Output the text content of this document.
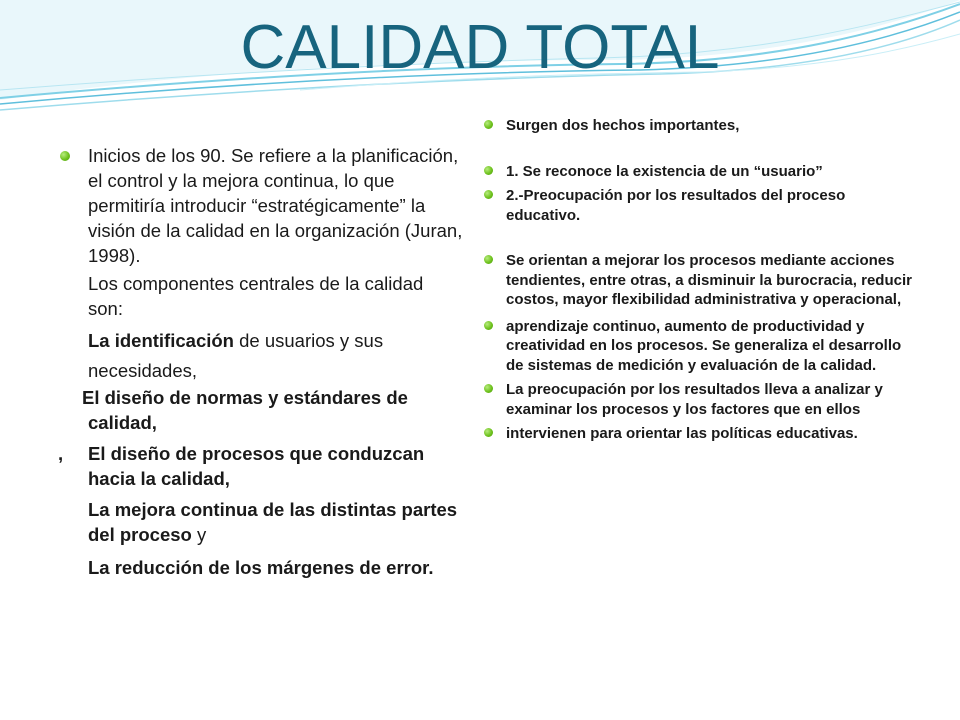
CALIDAD TOTAL
Inicios de los 90. Se refiere a la planificación, el control y la mejora continua, lo que permitiría introducir “estratégicamente” la visión de la calidad en la organización (Juran, 1998).
Los componentes centrales de la calidad son:
La identificación de usuarios y sus
necesidades,
El diseño de normas y estándares de calidad,
, El diseño de procesos que conduzcan hacia la calidad,
La mejora continua de las distintas partes del proceso y
La reducción de los márgenes de error.
Surgen dos hechos importantes,
1. Se reconoce la existencia de un “usuario”
2.-Preocupación por los resultados del proceso educativo.
Se orientan a mejorar los procesos mediante acciones tendientes, entre otras, a disminuir la burocracia, reducir costos, mayor flexibilidad administrativa y operacional,
aprendizaje continuo, aumento de productividad y creatividad en los procesos. Se generaliza el desarrollo de sistemas de medición y evaluación de la calidad.
La preocupación por los resultados lleva a analizar y examinar los procesos y los factores que en ellos
intervienen para orientar las políticas educativas.
